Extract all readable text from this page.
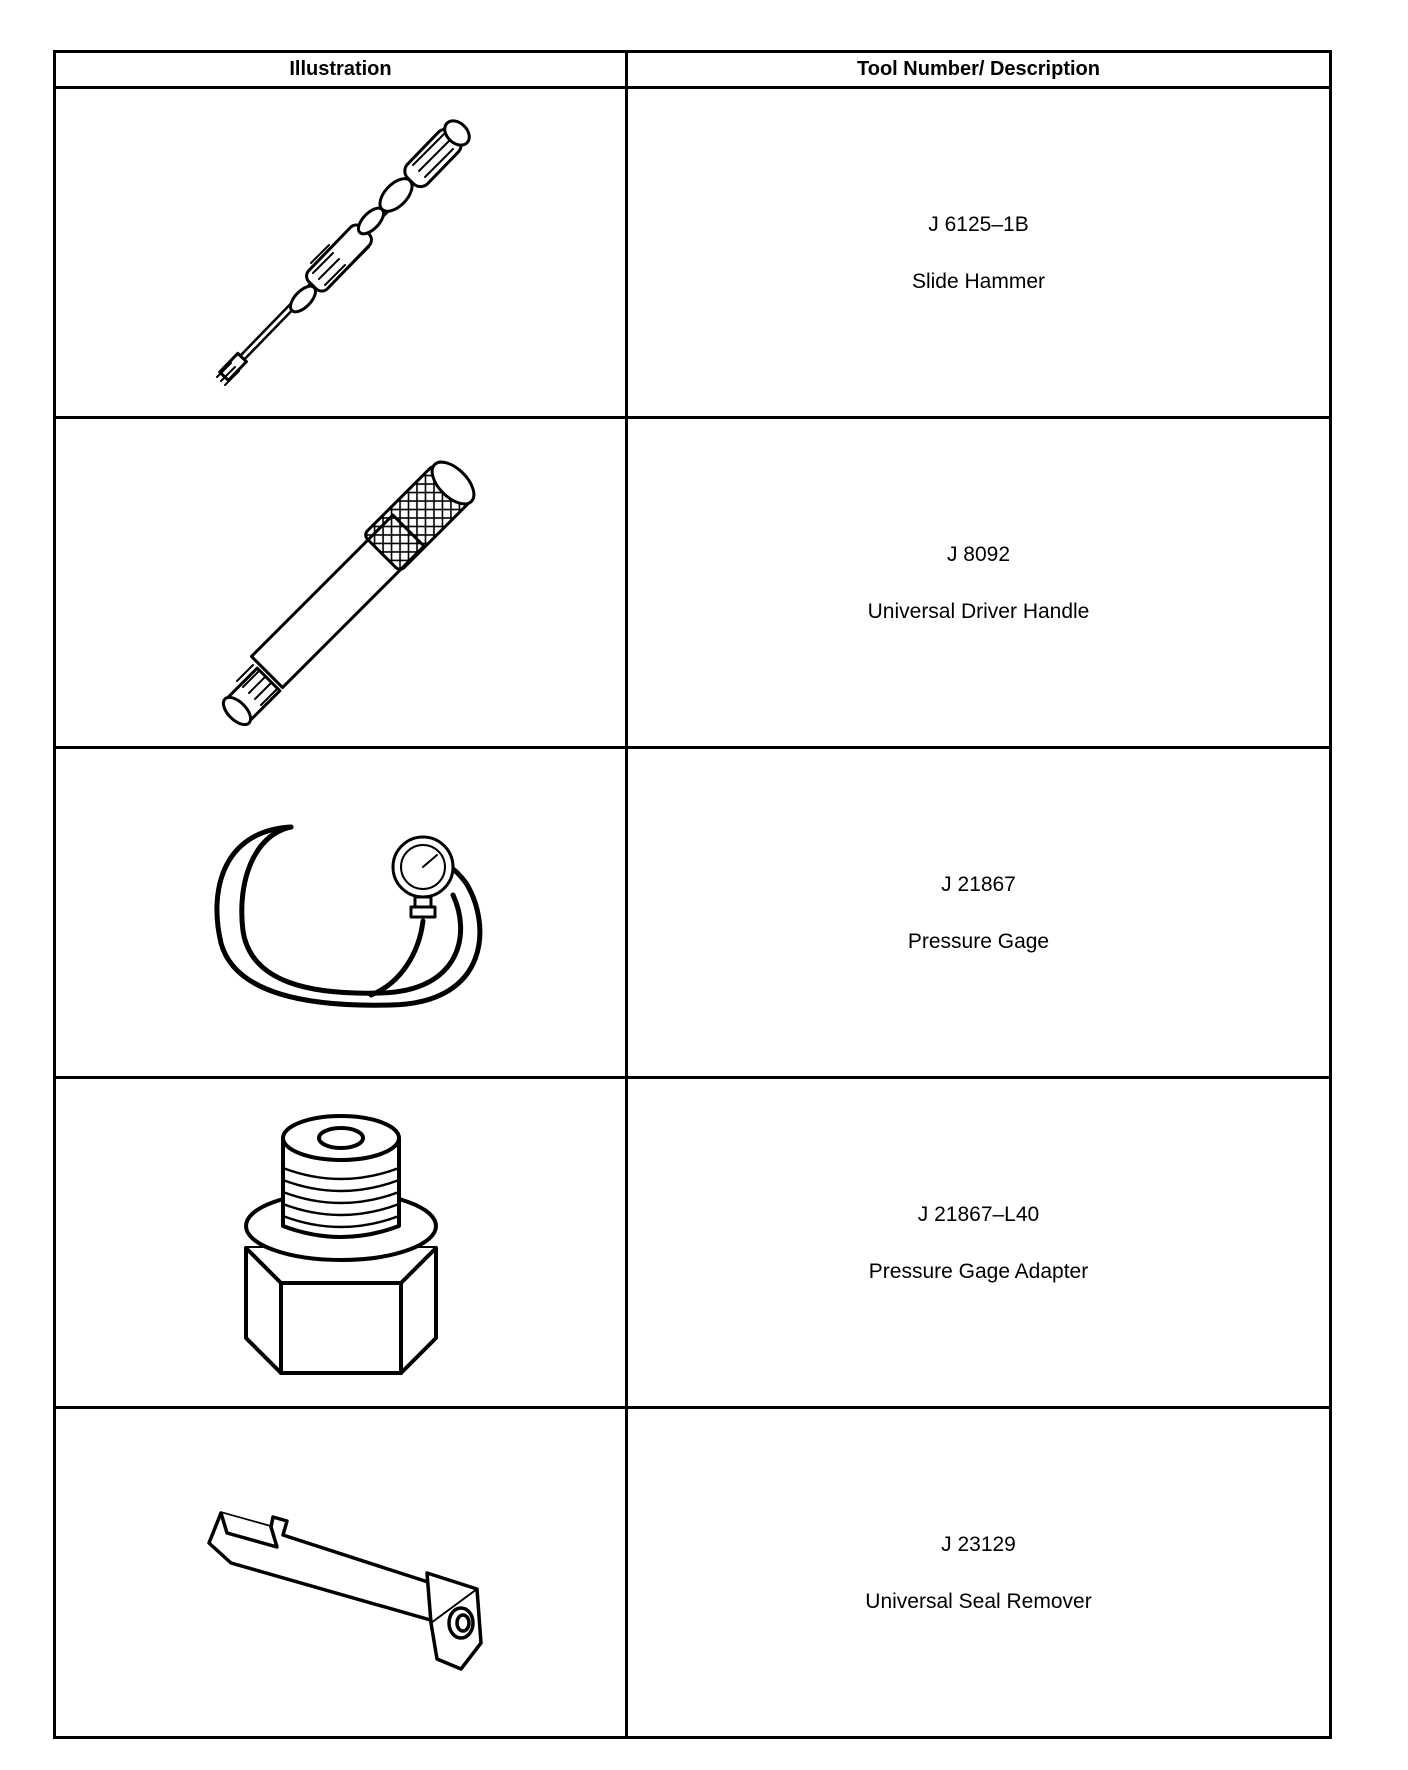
Illustration	Tool Number/ Description

J 6125–1B
Slide Hammer

J 8092
Universal Driver Handle

J 21867
Pressure Gage

J 21867–L40
Pressure Gage Adapter

J 23129
Universal Seal Remover
